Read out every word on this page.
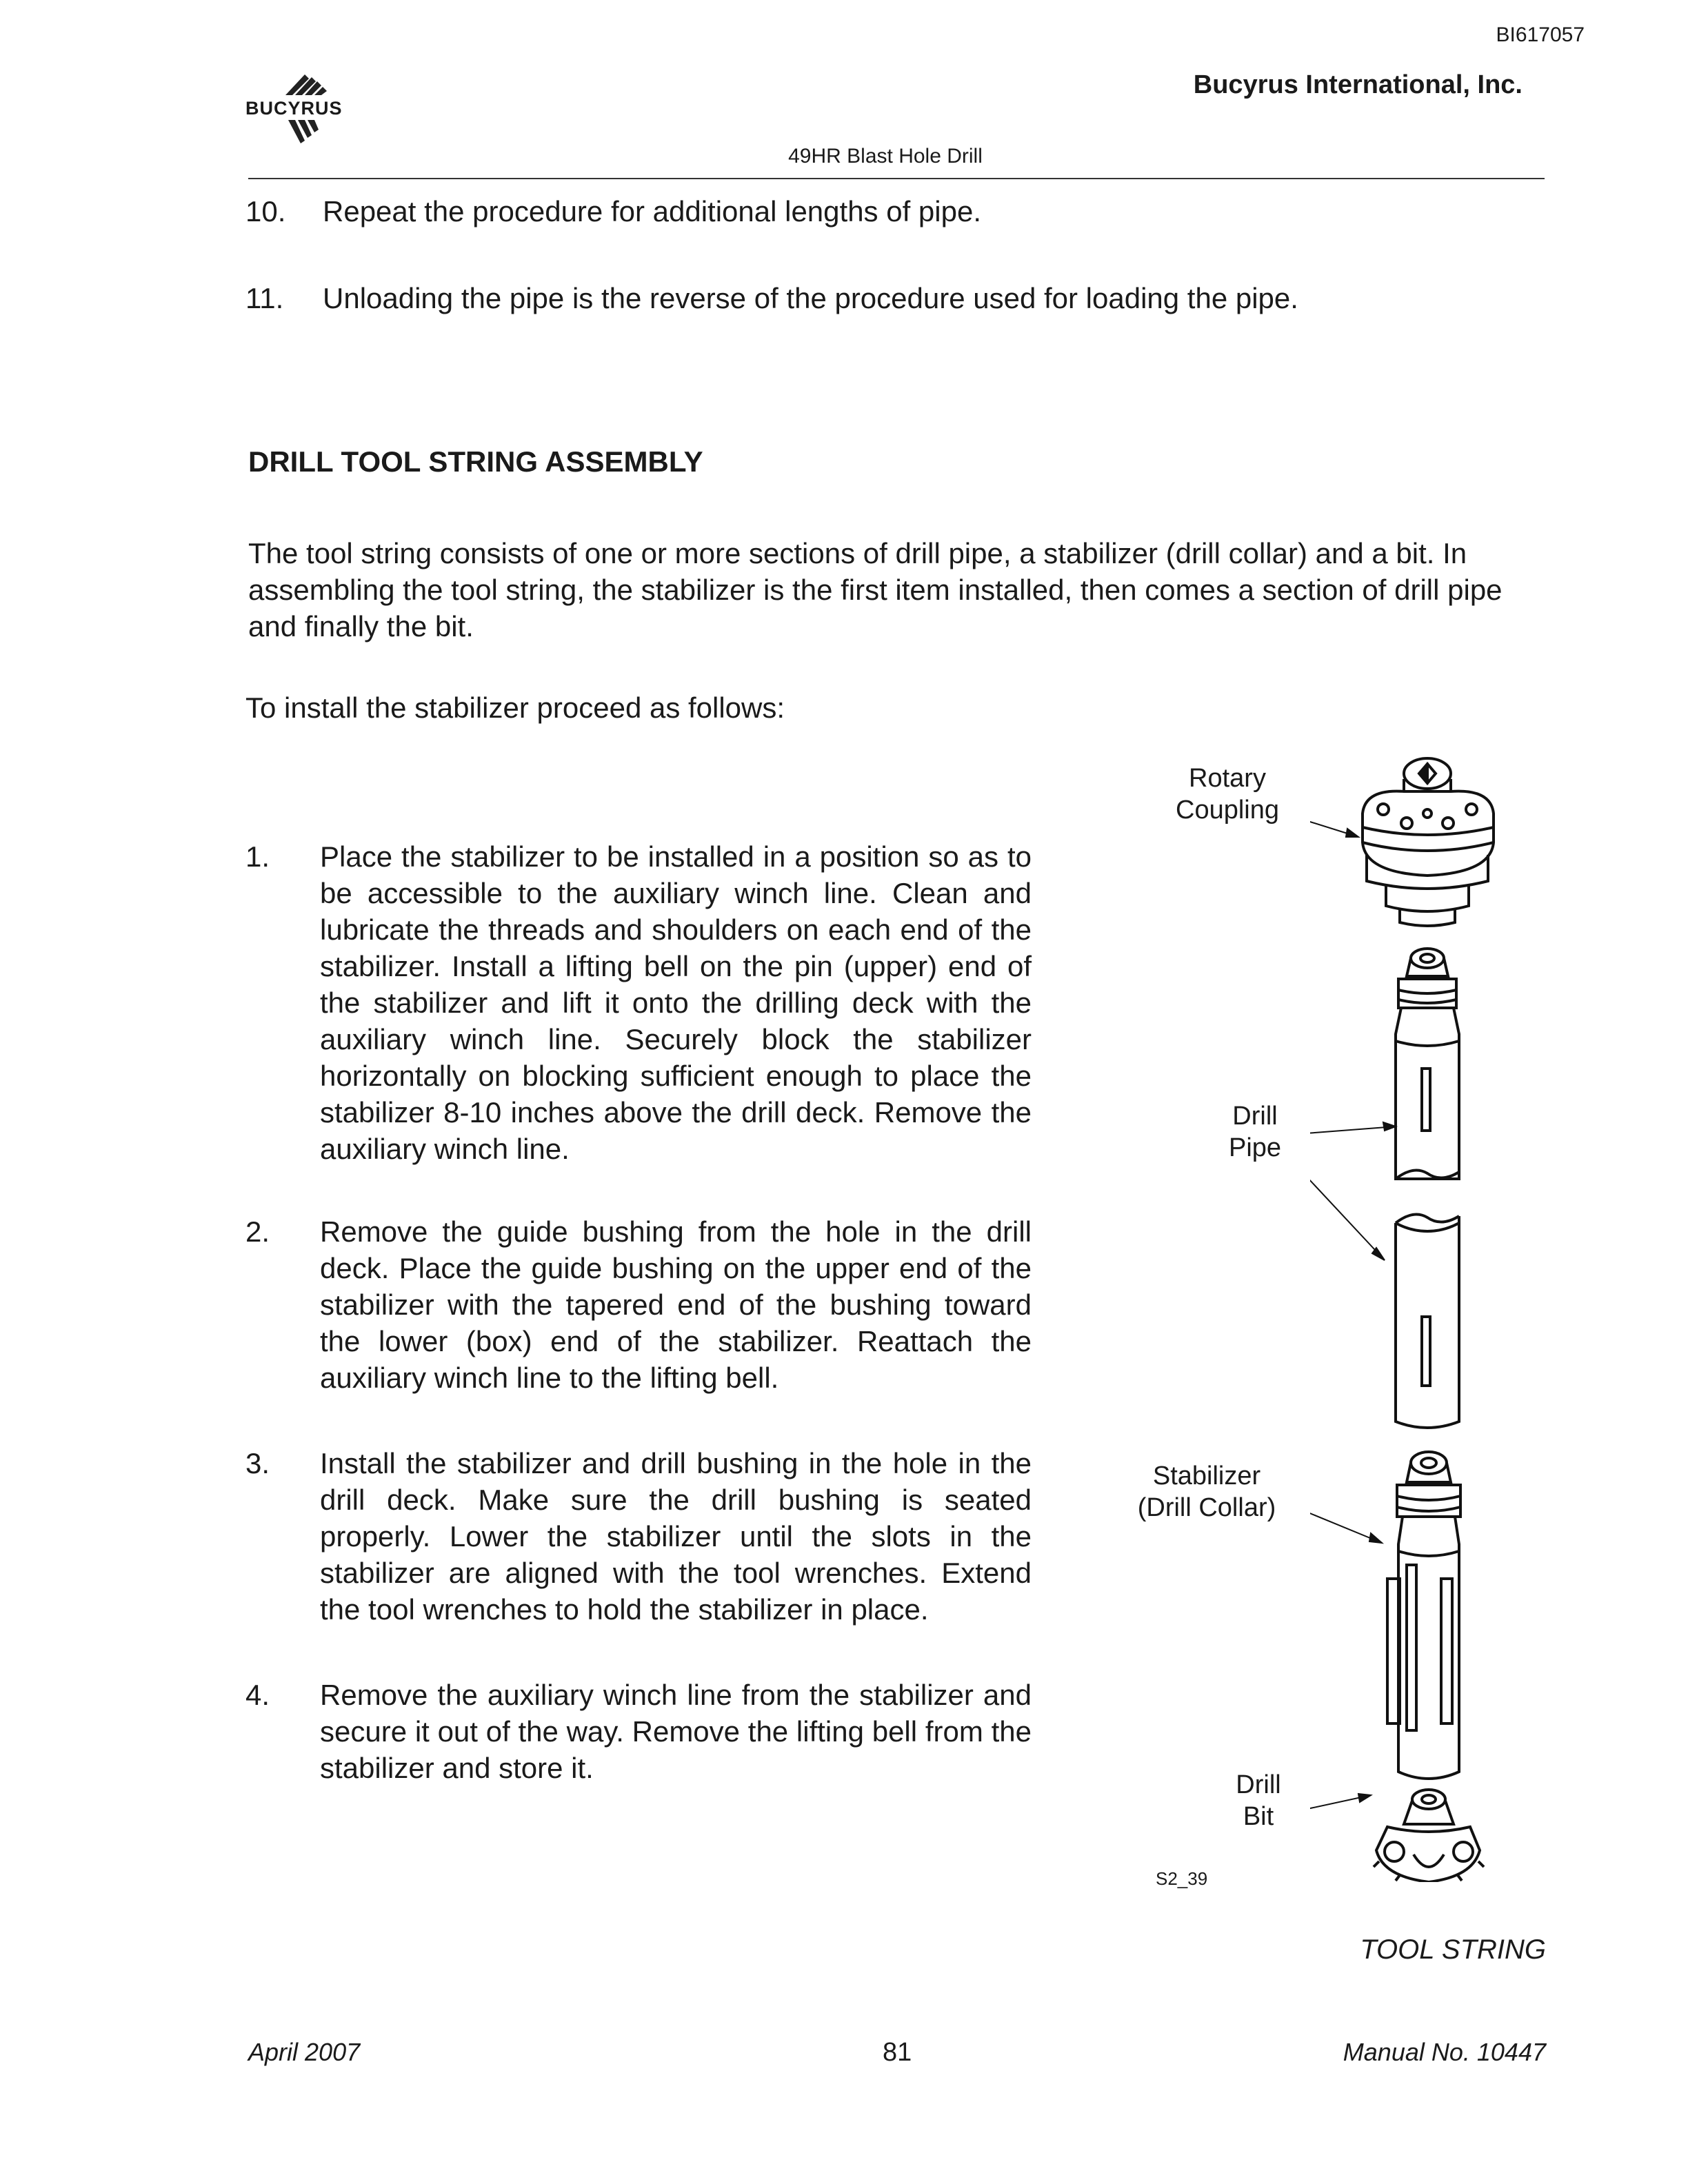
BI617057
BUCYRUS
Bucyrus International, Inc.
49HR Blast Hole Drill
10. Repeat the procedure for additional lengths of pipe.
11. Unloading the pipe is the reverse of the procedure used for loading the pipe.
DRILL TOOL STRING ASSEMBLY
The tool string consists of one or more sections of drill pipe, a stabilizer (drill collar) and a bit. In assembling the tool string, the stabilizer is the first item installed, then comes a section of drill pipe and finally the bit.
To install the stabilizer proceed as follows:
1. Place the stabilizer to be installed in a position so as to be accessible to the auxiliary winch line. Clean and lubricate the threads and shoulders on each end of the stabilizer. Install a lifting bell on the pin (upper) end of the stabilizer and lift it onto the drilling deck with the auxiliary winch line. Securely block the stabilizer horizontally on blocking sufficient enough to place the stabilizer 8-10 inches above the drill deck. Remove the auxiliary winch line.
2. Remove the guide bushing from the hole in the drill deck. Place the guide bushing on the upper end of the stabilizer with the tapered end of the bushing toward the lower (box) end of the stabilizer. Reattach the auxiliary winch line to the lifting bell.
3. Install the stabilizer and drill bushing in the hole in the drill deck. Make sure the drill bushing is seated properly. Lower the stabilizer until the slots in the stabilizer are aligned with the tool wrenches. Extend the tool wrenches to hold the stabilizer in place.
4. Remove the auxiliary winch line from the stabilizer and secure it out of the way. Remove the lifting bell from the stabilizer and store it.
Rotary
Coupling
Drill
Pipe
Stabilizer
(Drill Collar)
Drill
Bit
S2_39
TOOL STRING
April 2007	81	Manual No. 10447
